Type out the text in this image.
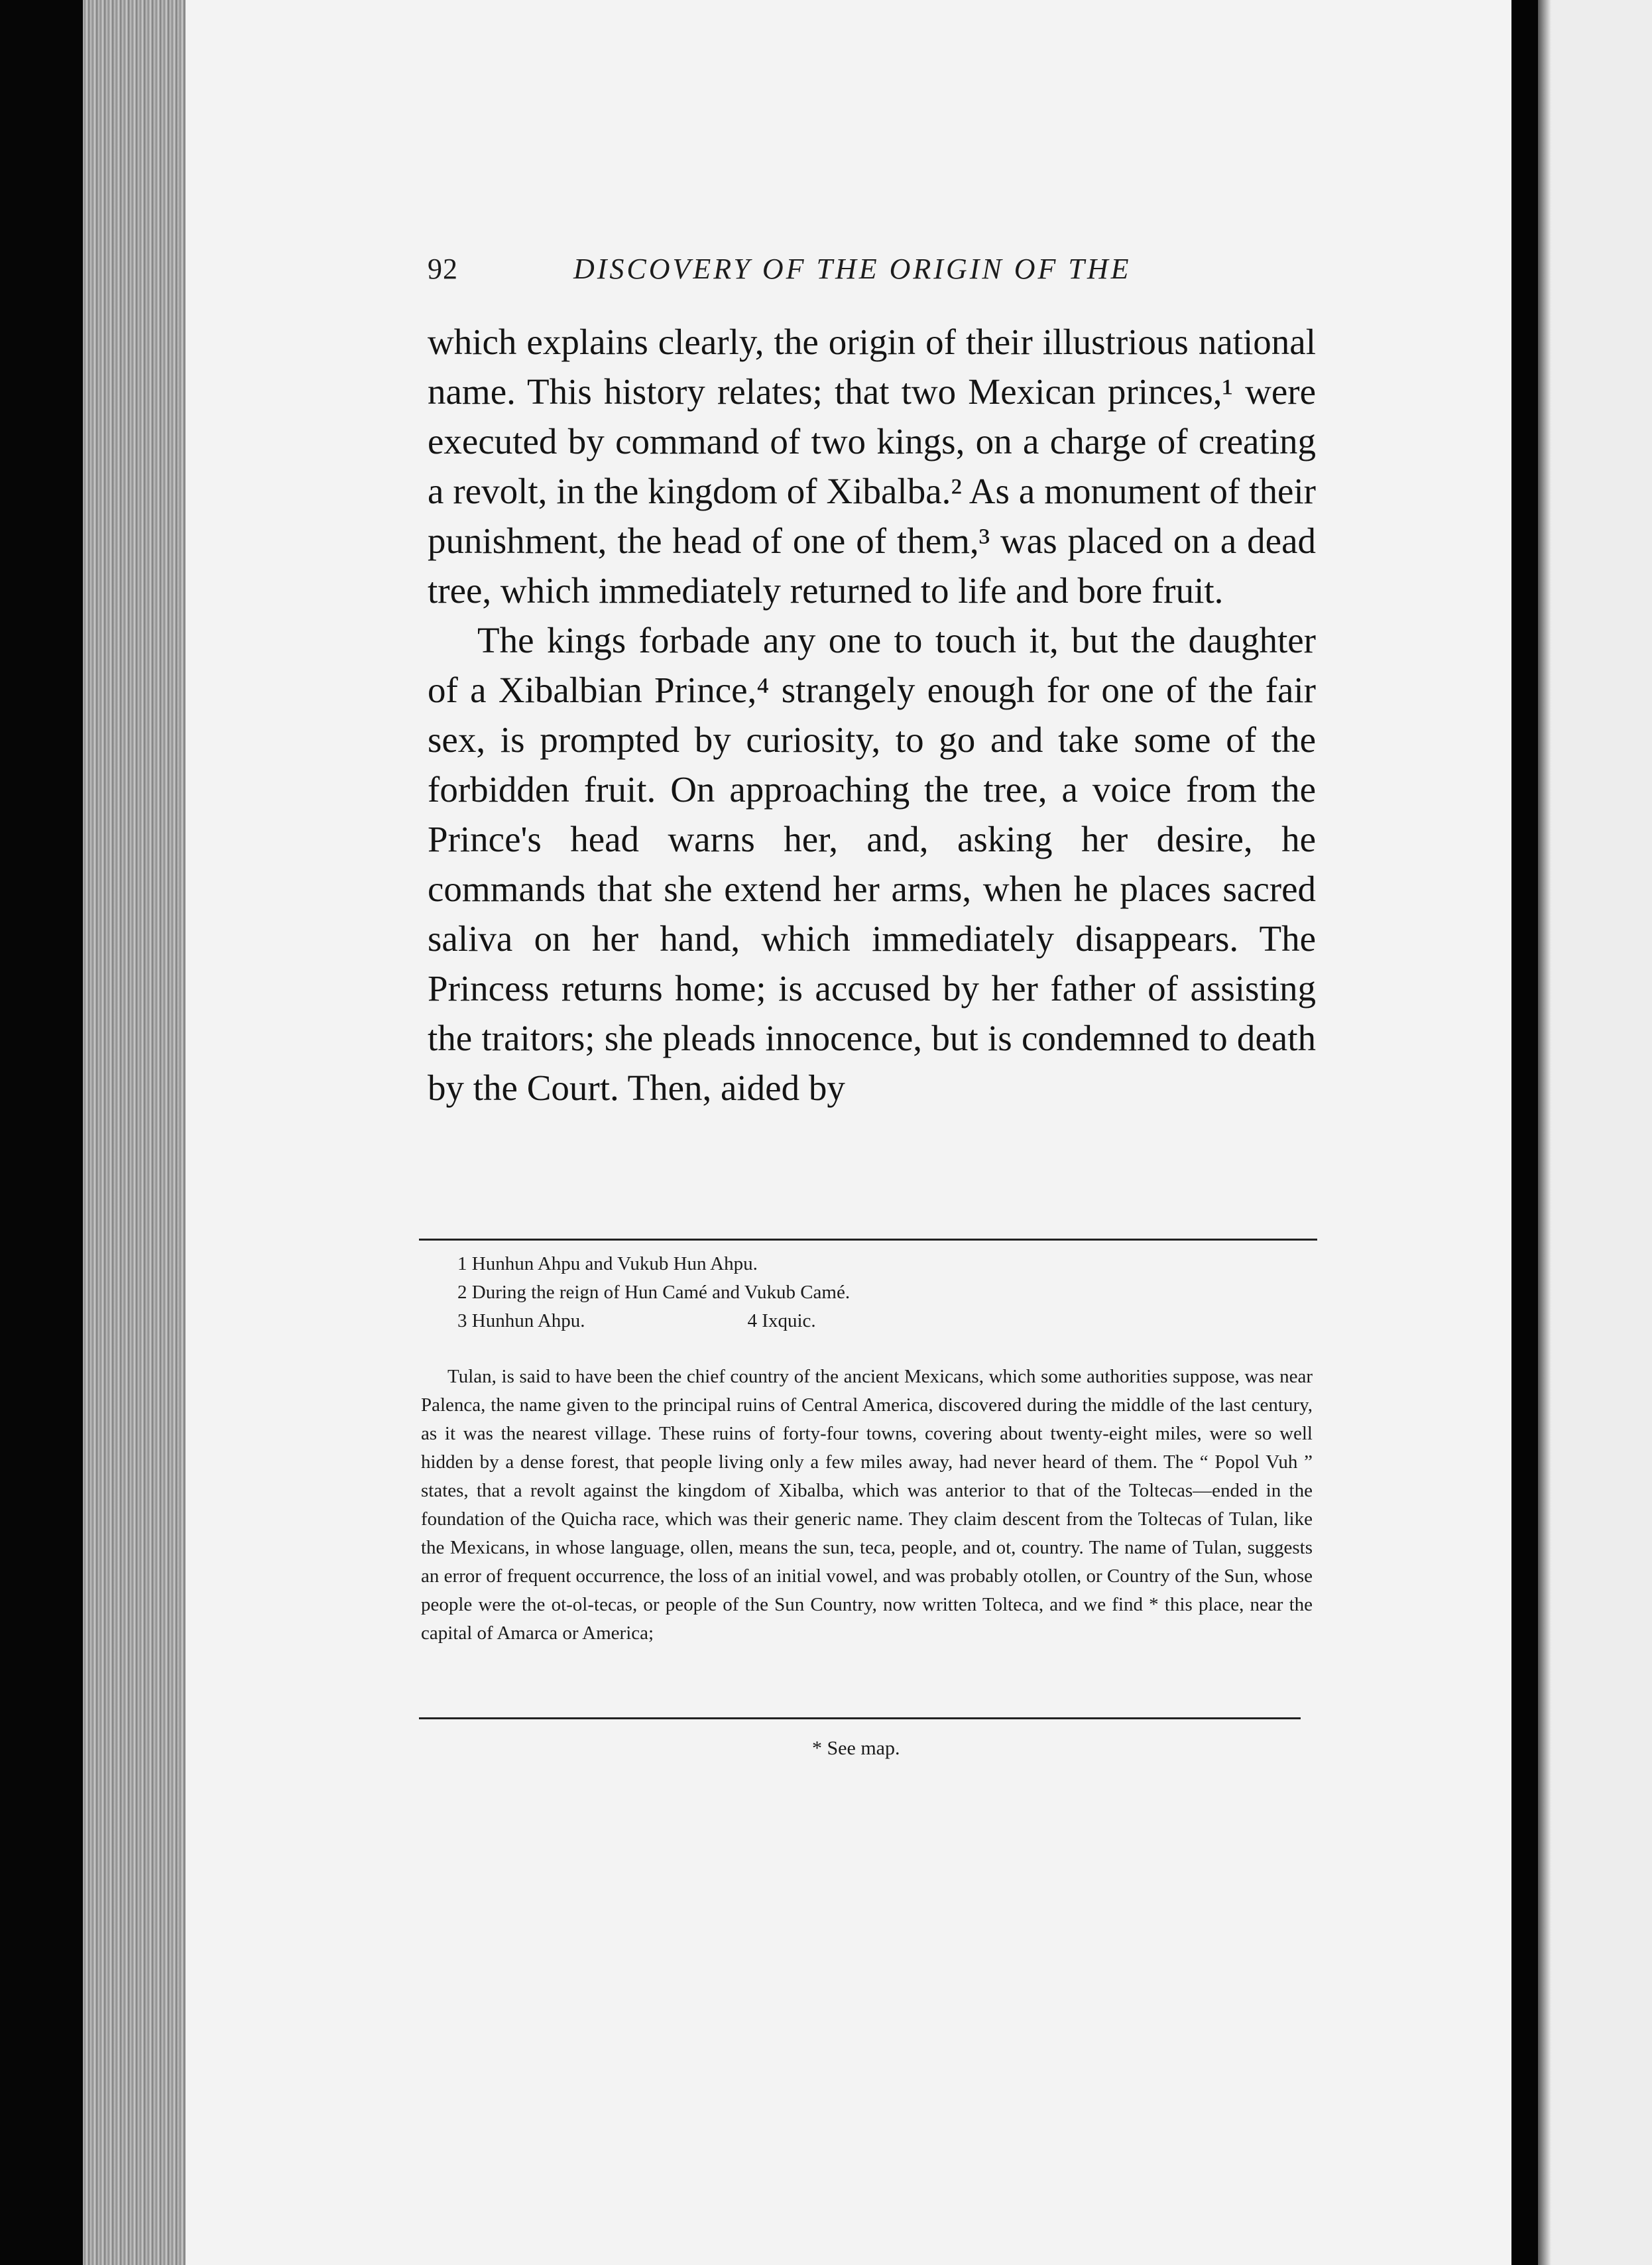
92	DISCOVERY OF THE ORIGIN OF THE

which explains clearly, the origin of their illustrious national name. This history relates; that two Mexican princes,¹ were executed by command of two kings, on a charge of creating a revolt, in the kingdom of Xibalba.² As a monument of their punishment, the head of one of them,³ was placed on a dead tree, which immediately returned to life and bore fruit.

The kings forbade any one to touch it, but the daughter of a Xibalbian Prince,⁴ strangely enough for one of the fair sex, is prompted by curiosity, to go and take some of the forbidden fruit. On approaching the tree, a voice from the Prince's head warns her, and, asking her desire, he commands that she extend her arms, when he places sacred saliva on her hand, which immediately disappears. The Princess returns home; is accused by her father of assisting the traitors; she pleads innocence, but is condemned to death by the Court. Then, aided by

1 Hunhun Ahpu and Vukub Hun Ahpu.

2 During the reign of Hun Camé and Vukub Camé.

3 Hunhun Ahpu.	4 Ixquic.

Tulan, is said to have been the chief country of the ancient Mexicans, which some authorities suppose, was near Palenca, the name given to the principal ruins of Central America, discovered during the middle of the last century, as it was the nearest village. These ruins of forty-four towns, covering about twenty-eight miles, were so well hidden by a dense forest, that people living only a few miles away, had never heard of them. The “ Popol Vuh ” states, that a revolt against the kingdom of Xibalba, which was anterior to that of the Toltecas—ended in the foundation of the Quicha race, which was their generic name. They claim descent from the Toltecas of Tulan, like the Mexicans, in whose language, ollen, means the sun, teca, people, and ot, country. The name of Tulan, suggests an error of frequent occurrence, the loss of an initial vowel, and was probably otollen, or Country of the Sun, whose people were the ot-ol-tecas, or people of the Sun Country, now written Tolteca, and we find * this place, near the capital of Amarca or America;

* See map.
